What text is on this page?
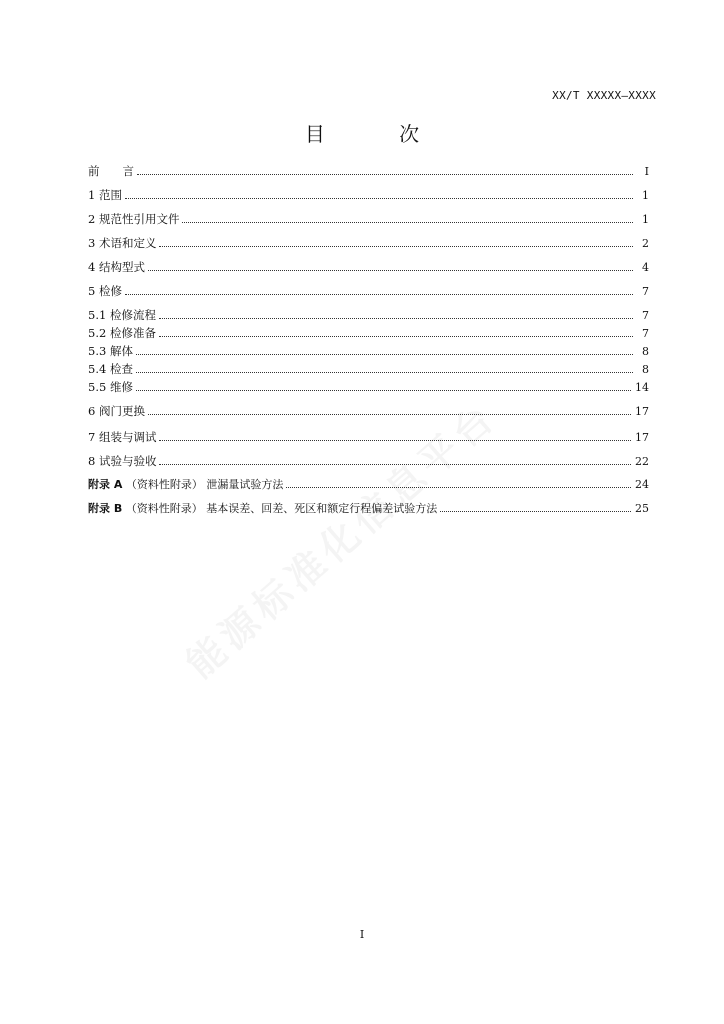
XX/T XXXXX—XXXX
目 次
前　　言	I
1 范围	1
2 规范性引用文件	1
3 术语和定义	2
4 结构型式	4
5 检修	7
5.1 检修流程	7
5.2 检修准备	7
5.3 解体	8
5.4 检查	8
5.5 维修	14
6 阀门更换	17
7 组装与调试	17
8 试验与验收	22
附录 A （资料性附录） 泄漏量试验方法	24
附录 B （资料性附录） 基本误差、回差、死区和额定行程偏差试验方法	25
I
